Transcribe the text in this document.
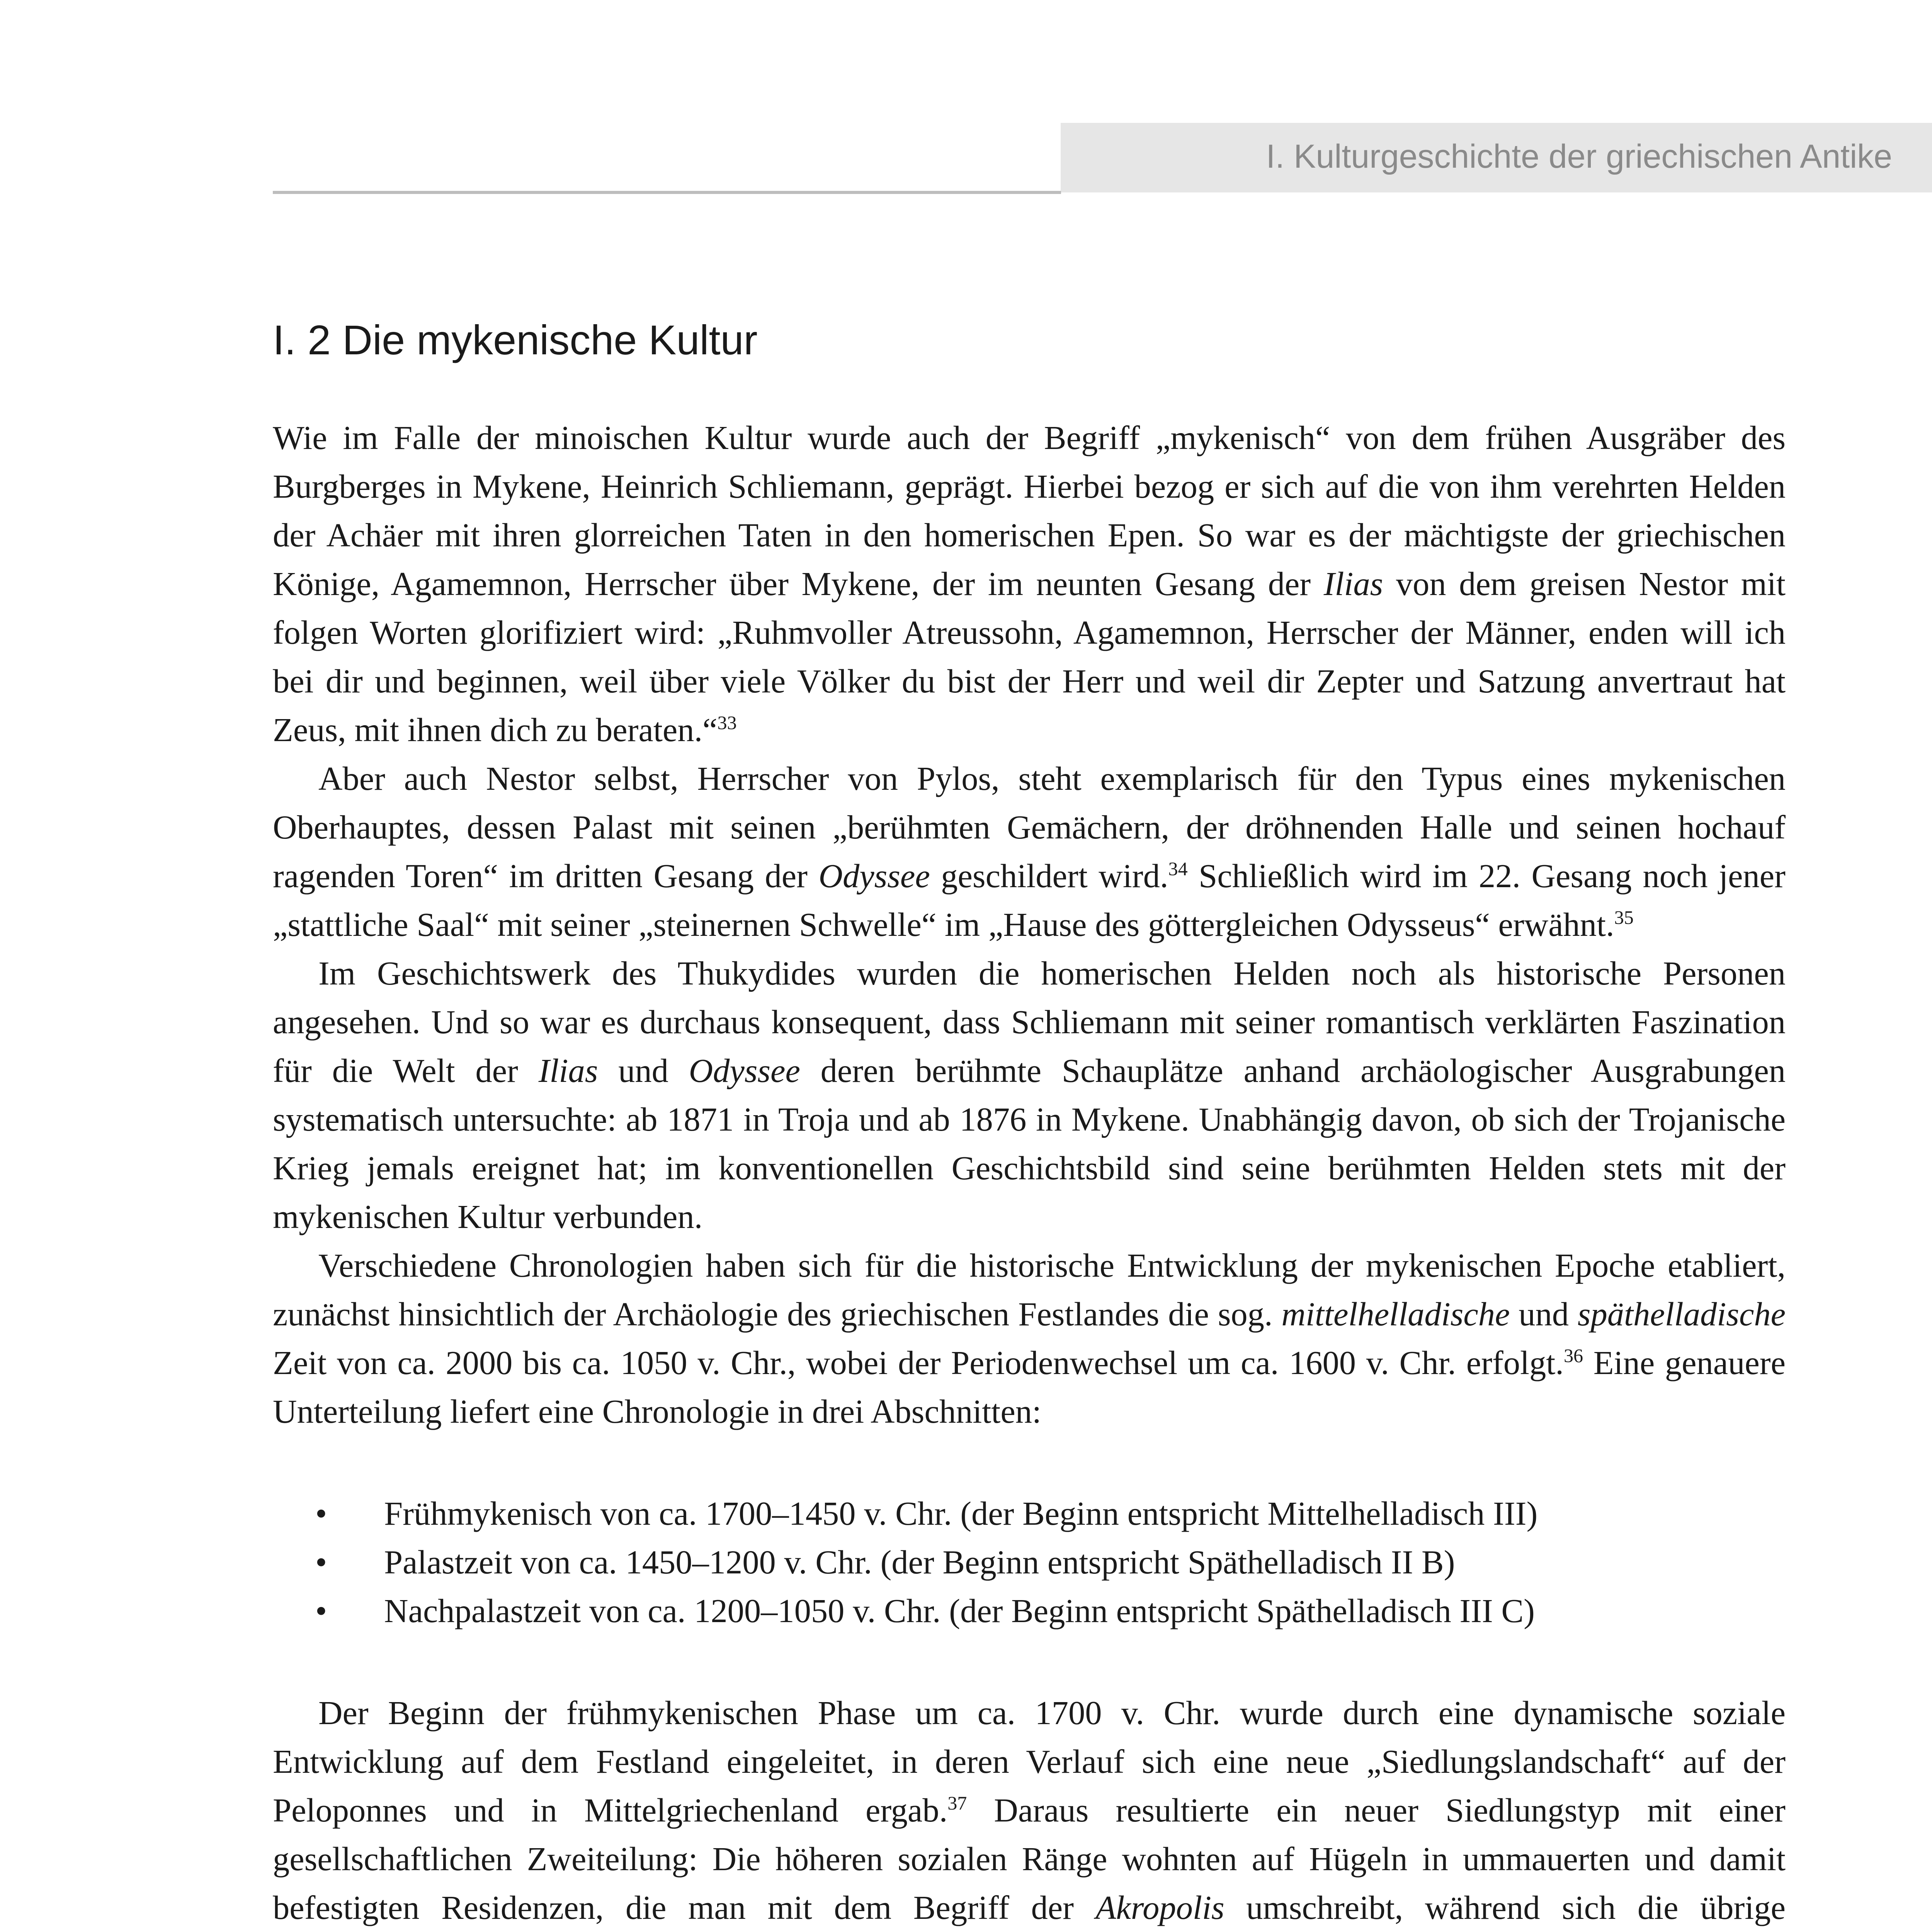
I. Kulturgeschichte der griechischen Antike
I. 2 Die mykenische Kultur

Wie im Falle der minoischen Kultur wurde auch der Begriff „mykenisch“ von dem frühen Ausgräber des Burgberges in Mykene, Heinrich Schliemann, geprägt. Hierbei bezog er sich auf die von ihm verehrten Helden der Achäer mit ihren glorreichen Taten in den homerischen Epen. So war es der mächtigste der griechischen Könige, Agamemnon, Herrscher über Mykene, der im neunten Gesang der Ilias von dem greisen Nestor mit folgen Worten glorifiziert wird: „Ruhmvoller Atreussohn, Agamemnon, Herrscher der Männer, enden will ich bei dir und beginnen, weil über viele Völker du bist der Herr und weil dir Zepter und Satzung anvertraut hat Zeus, mit ihnen dich zu beraten.“$^{33}$

Aber auch Nestor selbst, Herrscher von Pylos, steht exemplarisch für den Typus eines mykenischen Oberhauptes, dessen Palast mit seinen „berühmten Gemächern, der dröhnenden Halle und seinen hochauf ragenden Toren“ im dritten Gesang der Odyssee geschildert wird.$^{34}$ Schließlich wird im 22. Gesang noch jener „stattliche Saal“ mit seiner „steinernen Schwelle“ im „Hause des göttergleichen Odysseus“ erwähnt.$^{35}$

Im Geschichtswerk des Thukydides wurden die homerischen Helden noch als historische Personen angesehen. Und so war es durchaus konsequent, dass Schliemann mit seiner romantisch verklärten Faszination für die Welt der Ilias und Odyssee deren berühmte Schauplätze anhand archäologischer Ausgrabungen systematisch untersuchte: ab 1871 in Troja und ab 1876 in Mykene. Unabhängig davon, ob sich der Trojanische Krieg jemals ereignet hat; im konventionellen Geschichtsbild sind seine berühmten Helden stets mit der mykenischen Kultur verbunden.

Verschiedene Chronologien haben sich für die historische Entwicklung der mykenischen Epoche etabliert, zunächst hinsichtlich der Archäologie des griechischen Festlandes die sog. mittelhelladische und späthelladische Zeit von ca. 2000 bis ca. 1050 v. Chr., wobei der Periodenwechsel um ca. 1600 v. Chr. erfolgt.$^{36}$ Eine genauere Unterteilung liefert eine Chronologie in drei Abschnitten:

• Frühmykenisch von ca. 1700–1450 v. Chr. (der Beginn entspricht Mittelhelladisch III)
• Palastzeit von ca. 1450–1200 v. Chr. (der Beginn entspricht Späthelladisch II B)
• Nachpalastzeit von ca. 1200–1050 v. Chr. (der Beginn entspricht Späthelladisch III C)

Der Beginn der frühmykenischen Phase um ca. 1700 v. Chr. wurde durch eine dynamische soziale Entwicklung auf dem Festland eingeleitet, in deren Verlauf sich eine neue „Siedlungslandschaft“ auf der Peloponnes und in Mittelgriechenland ergab.$^{37}$ Daraus resultierte ein neuer Siedlungstyp mit einer gesellschaftlichen Zweiteilung: Die höheren sozialen Ränge wohnten auf Hügeln in ummauerten und damit befestigten Residenzen, die man mit dem Begriff der Akropolis umschreibt, während sich die übrige
